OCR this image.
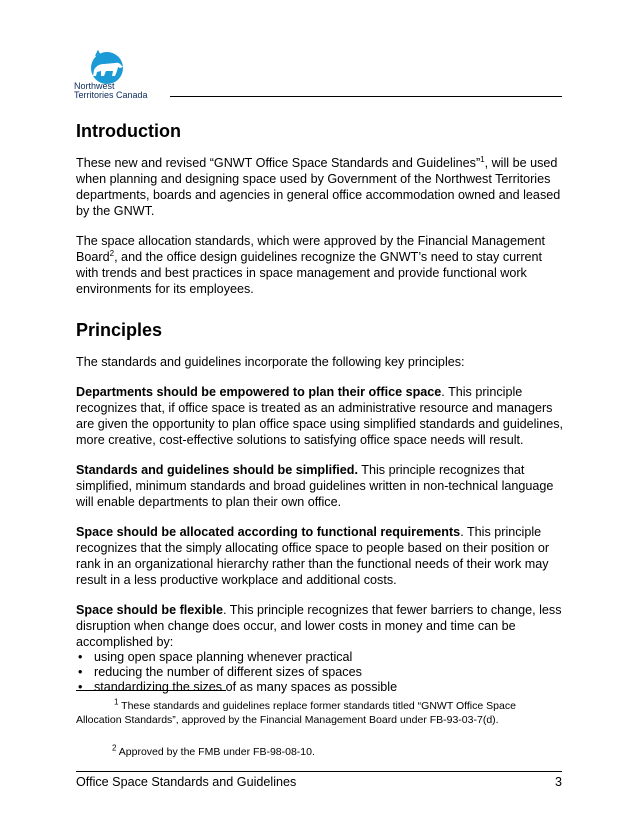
Northwest
Territories Canada
Introduction

These new and revised “GNWT Office Space Standards and Guidelines”$^1$, will be used when planning and designing space used by Government of the Northwest Territories departments, boards and agencies in general office accommodation owned and leased by the GNWT.

The space allocation standards, which were approved by the Financial Management Board$^2$, and the office design guidelines recognize the GNWT’s need to stay current with trends and best practices in space management and provide functional work environments for its employees.

Principles

The standards and guidelines incorporate the following key principles:

Departments should be empowered to plan their office space. This principle recognizes that, if office space is treated as an administrative resource and managers are given the opportunity to plan office space using simplified standards and guidelines, more creative, cost-effective solutions to satisfying office space needs will result.

Standards and guidelines should be simplified. This principle recognizes that simplified, minimum standards and broad guidelines written in non-technical language will enable departments to plan their own office.

Space should be allocated according to functional requirements. This principle recognizes that the simply allocating office space to people based on their position or rank in an organizational hierarchy rather than the functional needs of their work may result in a less productive workplace and additional costs.

Space should be flexible. This principle recognizes that fewer barriers to change, less disruption when change does occur, and lower costs in money and time can be accomplished by:

• using open space planning whenever practical
• reducing the number of different sizes of spaces
• standardizing the sizes of as many spaces as possible
$^1$ These standards and guidelines replace former standards titled “GNWT Office Space Allocation Standards”, approved by the Financial Management Board under FB-93-03-7(d).
$^2$ Approved by the FMB under FB-98-08-10.
Office Space Standards and Guidelines	3
